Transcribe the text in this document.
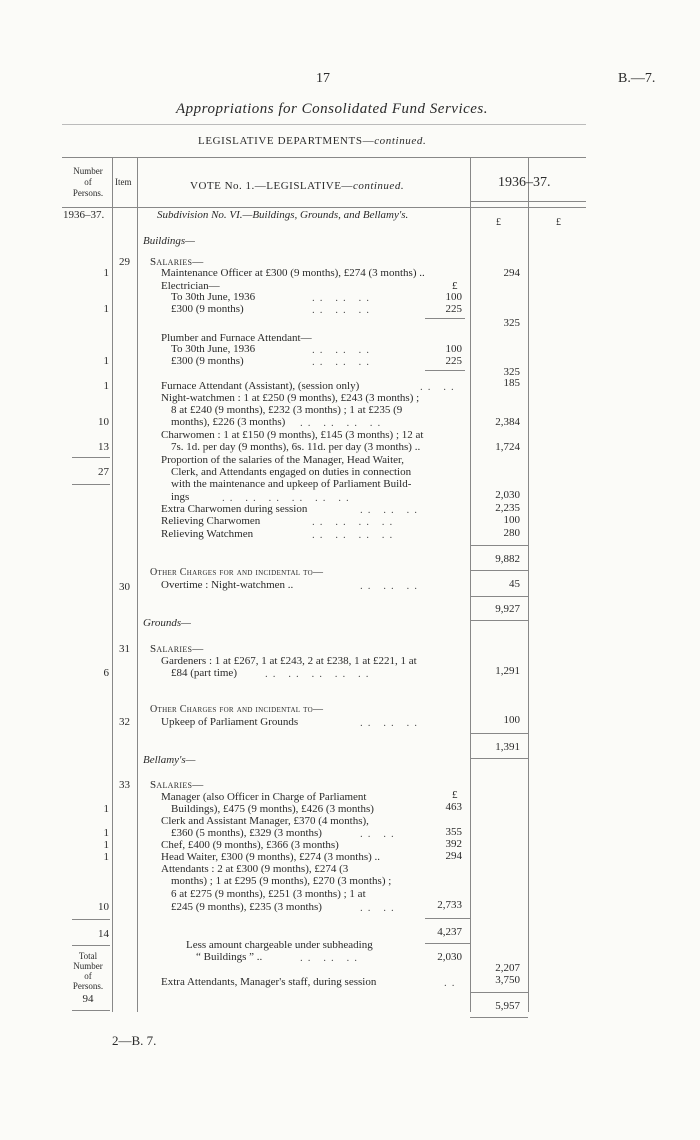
17	B.—7.
Appropriations for Consolidated Fund Services.
LEGISLATIVE DEPARTMENTS—continued.
Number
of
Persons.
Item	VOTE No. 1.—LEGISLATIVE—continued.	1936–37.
1936–37.	Subdivision No. VI.—Buildings, Grounds, and Bellamy's.
£	£
Buildings—
29 Salaries—
1	Maintenance Officer at £300 (9 months), £274 (3 months) ..	294
Electrician—	£
To 30th June, 1936	.. .. ..	100
1	£300 (9 months)	.. .. ..	225
325
Plumber and Furnace Attendant—
To 30th June, 1936	.. .. ..	100
1	£300 (9 months)	.. .. ..	225
325
1	Furnace Attendant (Assistant), (session only)	.. ..	185
Night-watchmen : 1 at £250 (9 months), £243 (3 months) ;
8 at £240 (9 months), £232 (3 months) ; 1 at £235 (9
10	months), £226 (3 months) .. .. .. ..	2,384
Charwomen : 1 at £150 (9 months), £145 (3 months) ; 12 at
13	7s. 1d. per day (9 months), 6s. 11d. per day (3 months) ..	1,724
27
Proportion of the salaries of the Manager, Head Waiter,
Clerk, and Attendants engaged on duties in connection
with the maintenance and upkeep of Parliament Build-
ings	.. .. .. .. .. ..	2,030
Extra Charwomen during session	.. .. ..	2,235
Relieving Charwomen	.. .. .. ..	100
Relieving Watchmen	.. .. .. ..	280
9,882
Other Charges for and incidental to—
30	Overtime : Night-watchmen ..	.. .. ..	45
9,927
Grounds—
31 Salaries—
Gardeners : 1 at £267, 1 at £243, 2 at £238, 1 at £221, 1 at
6	£84 (part time)	.. .. .. .. ..	1,291
Other Charges for and incidental to—
32	Upkeep of Parliament Grounds	.. .. ..	100
1,391
Bellamy's—
33 Salaries—
£
Manager (also Officer in Charge of Parliament
1	Buildings), £475 (9 months), £426 (3 months)	463
Clerk and Assistant Manager, £370 (4 months),
1	£360 (5 months), £329 (3 months)	.. ..	355
1	Chef, £400 (9 months), £366 (3 months)	392
1	Head Waiter, £300 (9 months), £274 (3 months) ..	294
Attendants : 2 at £300 (9 months), £274 (3
months) ; 1 at £295 (9 months), £270 (3 months) ;
6 at £275 (9 months), £251 (3 months) ; 1 at
10	£245 (9 months), £235 (3 months)	.. ..	2,733
14	4,237
Less amount chargeable under subheading
“ Buildings ” ..	.. .. ..	2,030
Total
Number
of
Persons.
94
2,207
Extra Attendants, Manager's staff, during session	..	3,750
5,957
2—B. 7.
